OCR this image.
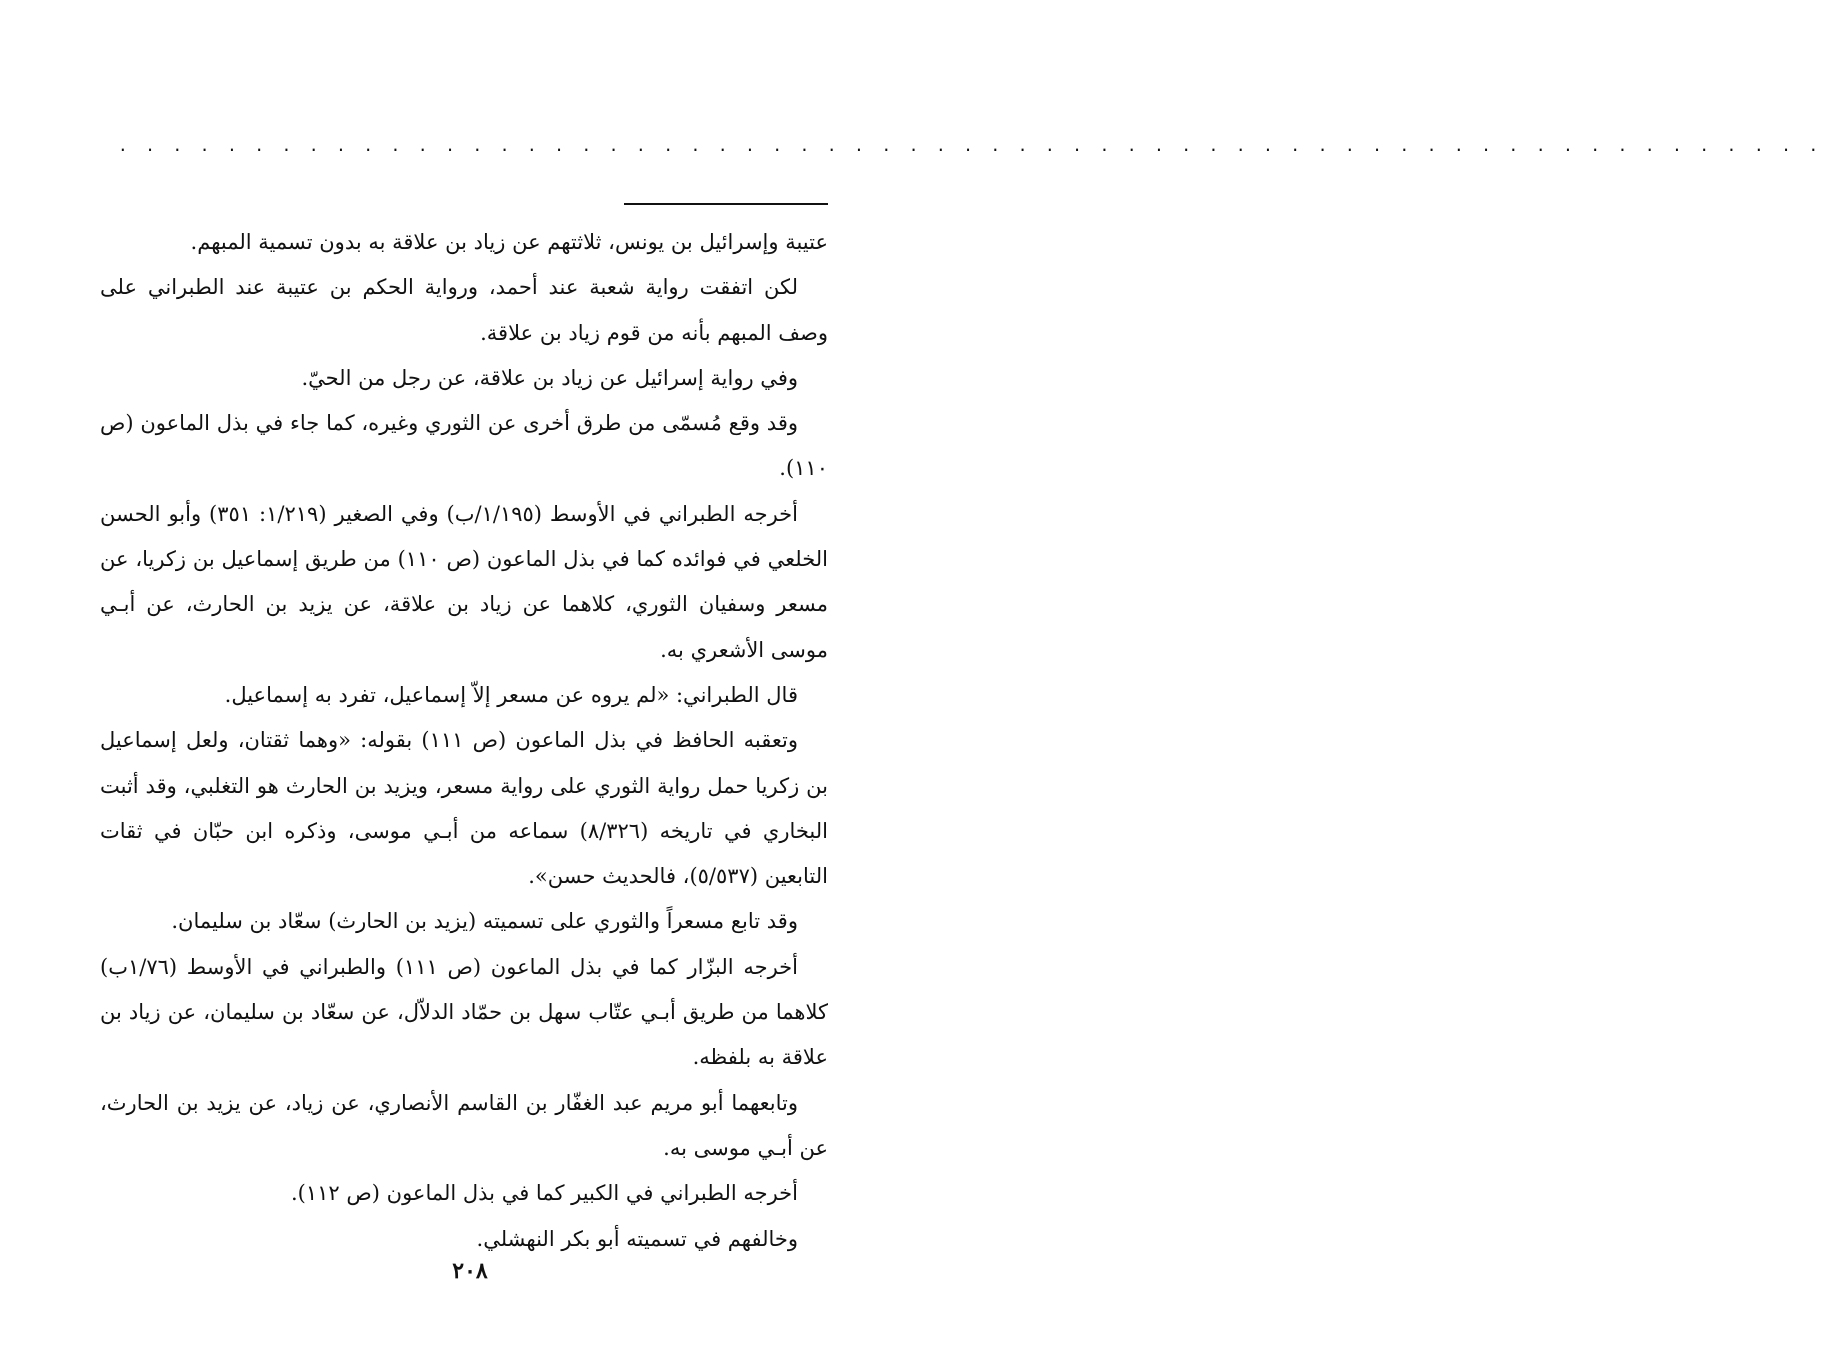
. . . . . . . . . . . . . . . . . . . . . . . . . . . . . . . . . . . . . . . . . . . . . . . . . . . . . . . . . . . . . . .

عتيبة وإسرائيل بن يونس، ثلاثتهم عن زياد بن علاقة به بدون تسمية المبهم.

لكن اتفقت رواية شعبة عند أحمد، ورواية الحكم بن عتيبة عند الطبراني على وصف المبهم بأنه من قوم زياد بن علاقة.

وفي رواية إسرائيل عن زياد بن علاقة، عن رجل من الحيّ.

وقد وقع مُسمّى من طرق أخرى عن الثوري وغيره، كما جاء في بذل الماعون (ص ١١٠).

أخرجه الطبراني في الأوسط (١/١٩٥/ب) وفي الصغير (١/٢١٩: ٣٥١) وأبو الحسن الخلعي في فوائده كما في بذل الماعون (ص ١١٠) من طريق إسماعيل بن زكريا، عن مسعر وسفيان الثوري، كلاهما عن زياد بن علاقة، عن يزيد بن الحارث، عن أبـي موسى الأشعري به.

قال الطبراني: «لم يروه عن مسعر إلاّ إسماعيل، تفرد به إسماعيل.

وتعقبه الحافظ في بذل الماعون (ص ١١١) بقوله: «وهما ثقتان، ولعل إسماعيل بن زكريا حمل رواية الثوري على رواية مسعر، ويزيد بن الحارث هو التغلبي، وقد أثبت البخاري في تاريخه (٨/٣٢٦) سماعه من أبـي موسى، وذكره ابن حبّان في ثقات التابعين (٥/٥٣٧)، فالحديث حسن».

وقد تابع مسعراً والثوري على تسميته (يزيد بن الحارث) سعّاد بن سليمان.

أخرجه البزّار كما في بذل الماعون (ص ١١١) والطبراني في الأوسط (١/٧٦ب) كلاهما من طريق أبـي عتّاب سهل بن حمّاد الدلاّل، عن سعّاد بن سليمان، عن زياد بن علاقة به بلفظه.

وتابعهما أبو مريم عبد الغفّار بن القاسم الأنصاري، عن زياد، عن يزيد بن الحارث، عن أبـي موسى به.

أخرجه الطبراني في الكبير كما في بذل الماعون (ص ١١٢).

وخالفهم في تسميته أبو بكر النهشلي.

٢٠٨
